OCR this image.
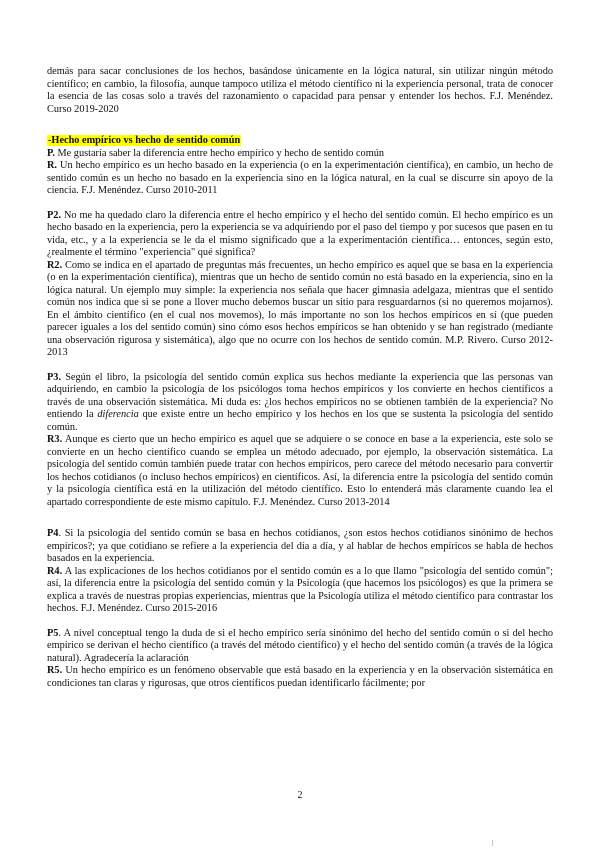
demás para sacar conclusiones de los hechos, basándose únicamente en la lógica natural, sin utilizar ningún método científico; en cambio, la filosofía, aunque tampoco utiliza el método científico ni la experiencia personal, trata de conocer la esencia de las cosas solo a través del razonamiento o capacidad para pensar y entender los hechos. F.J. Menéndez. Curso 2019-2020

-Hecho empírico vs hecho de sentido común

P. Me gustaría saber la diferencia entre hecho empírico y hecho de sentido común

R. Un hecho empírico es un hecho basado en la experiencia (o en la experimentación científica), en cambio, un hecho de sentido común es un hecho no basado en la experiencia sino en la lógica natural, en la cual se discurre sin apoyo de la ciencia. F.J. Menéndez. Curso 2010-2011

P2. No me ha quedado claro la diferencia entre el hecho empírico y el hecho del sentido común. El hecho empírico es un hecho basado en la experiencia, pero la experiencia se va adquiriendo por el paso del tiempo y por sucesos que pasen en tu vida, etc., y a la experiencia se le da el mismo significado que a la experimentación científica… entonces, según esto, ¿realmente el término "experiencia" qué significa?

R2. Como se indica en el apartado de preguntas más frecuentes, un hecho empírico es aquel que se basa en la experiencia (o en la experimentación científica), mientras que un hecho de sentido común no está basado en la experiencia, sino en la lógica natural. Un ejemplo muy simple: la experiencia nos señala que hacer gimnasia adelgaza, mientras que el sentido común nos indica que si se pone a llover mucho debemos buscar un sitio para resguardarnos (si no queremos mojarnos). En el ámbito científico (en el cual nos movemos), lo más importante no son los hechos empíricos en sí (que pueden parecer iguales a los del sentido común) sino cómo esos hechos empíricos se han obtenido y se han registrado (mediante una observación rigurosa y sistemática), algo que no ocurre con los hechos de sentido común. M.P. Rivero. Curso 2012-2013

P3. Según el libro, la psicología del sentido común explica sus hechos mediante la experiencia que las personas van adquiriendo, en cambio la psicología de los psicólogos toma hechos empíricos y los convierte en hechos científicos a través de una observación sistemática. Mi duda es: ¿los hechos empíricos no se obtienen también de la experiencia? No entiendo la diferencia que existe entre un hecho empírico y los hechos en los que se sustenta la psicología del sentido común.

R3. Aunque es cierto que un hecho empírico es aquel que se adquiere o se conoce en base a la experiencia, este solo se convierte en un hecho científico cuando se emplea un método adecuado, por ejemplo, la observación sistemática. La psicología del sentido común también puede tratar con hechos empíricos, pero carece del método necesario para convertir los hechos cotidianos (o incluso hechos empíricos) en científicos. Así, la diferencia entre la psicología del sentido común y la psicología científica está en la utilización del método científico. Esto lo entenderá más claramente cuando lea el apartado correspondiente de este mismo capítulo. F.J. Menéndez. Curso 2013-2014

P4. Si la psicología del sentido común se basa en hechos cotidianos, ¿son estos hechos cotidianos sinónimo de hechos empíricos?; ya que cotidiano se refiere a la experiencia del día a día, y al hablar de hechos empíricos se habla de hechos basados en la experiencia.

R4. A las explicaciones de los hechos cotidianos por el sentido común es a lo que llamo "psicología del sentido común"; así, la diferencia entre la psicología del sentido común y la Psicología (que hacemos los psicólogos) es que la primera se explica a través de nuestras propias experiencias, mientras que la Psicología utiliza el método científico para contrastar los hechos. F.J. Menéndez. Curso 2015-2016

P5. A nivel conceptual tengo la duda de si el hecho empírico sería sinónimo del hecho del sentido común o si del hecho empírico se derivan el hecho científico (a través del método científico) y el hecho del sentido común (a través de la lógica natural). Agradecería la aclaración

R5. Un hecho empírico es un fenómeno observable que está basado en la experiencia y en la observación sistemática en condiciones tan claras y rigurosas, que otros científicos puedan identificarlo fácilmente; por

2
